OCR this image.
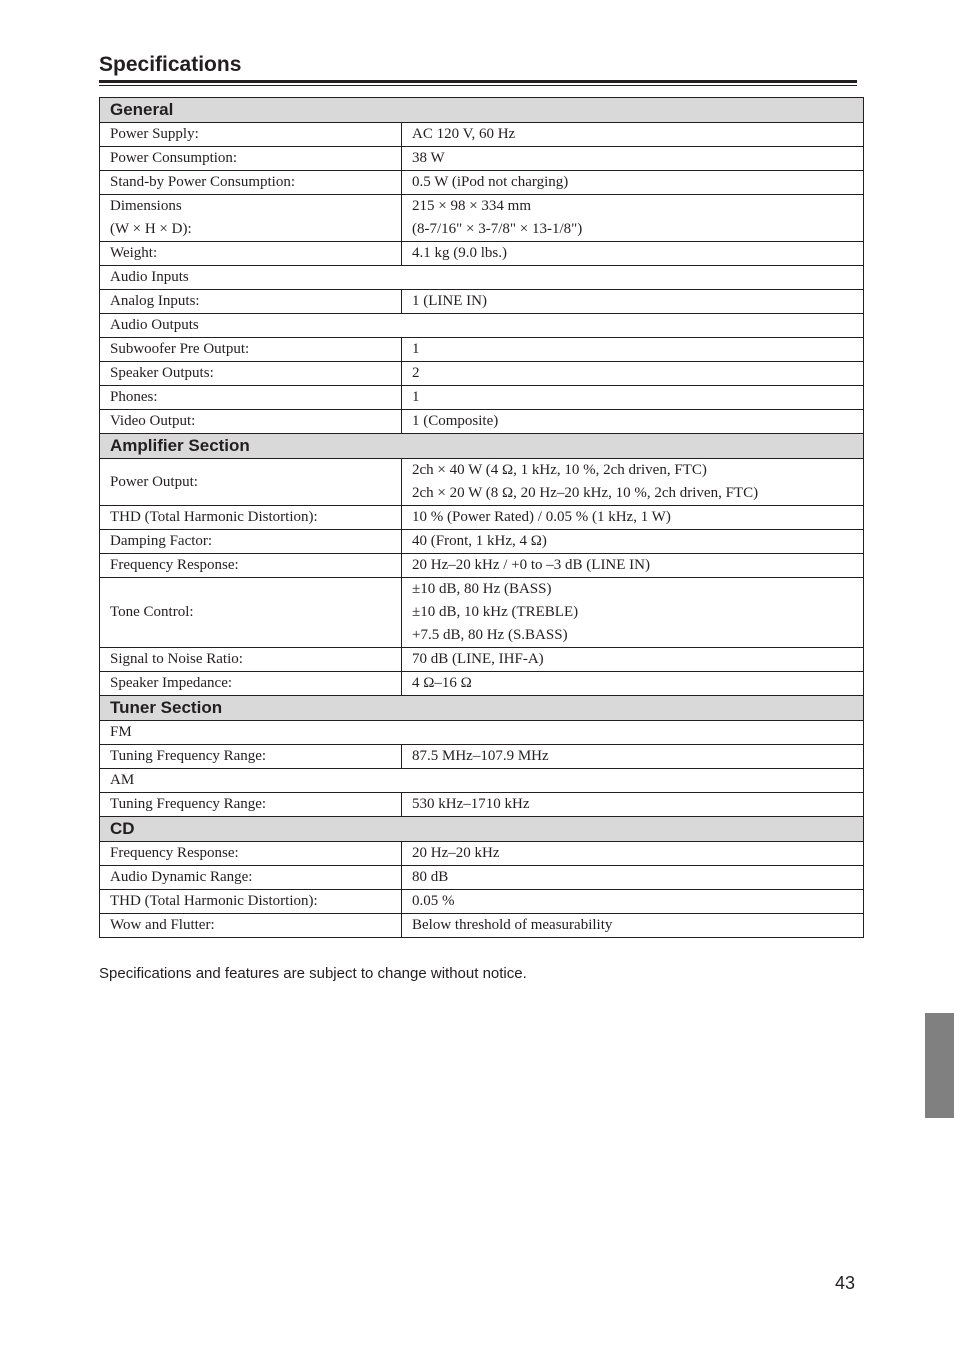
Specifications
General	

Power Supply:	AC 120 V, 60 Hz

Power Consumption:	38 W

Stand-by Power Consumption:	0.5 W (iPod not charging)

Dimensions
(W × H × D):	215 × 98 × 334 mm
(8-7/16" × 3-7/8" × 13-1/8")

Weight:	4.1 kg (9.0 lbs.)

Audio Inputs	

Analog Inputs:	1 (LINE IN)

Audio Outputs	

Subwoofer Pre Output:	1

Speaker Outputs:	2

Phones:	1

Video Output:	1 (Composite)

Amplifier Section	

Power Output:	2ch × 40 W (4 Ω, 1 kHz, 10 %, 2ch driven, FTC)
2ch × 20 W (8 Ω, 20 Hz–20 kHz, 10 %, 2ch driven, FTC)

THD (Total Harmonic Distortion):	10 % (Power Rated) / 0.05 % (1 kHz, 1 W)

Damping Factor:	40 (Front, 1 kHz, 4 Ω)

Frequency Response:	20 Hz–20 kHz / +0 to –3 dB (LINE IN)

Tone Control:	±10 dB, 80 Hz (BASS)
±10 dB, 10 kHz (TREBLE)
+7.5 dB, 80 Hz (S.BASS)

Signal to Noise Ratio:	70 dB (LINE, IHF-A)

Speaker Impedance:	4 Ω–16 Ω

Tuner Section	

FM	

Tuning Frequency Range:	87.5 MHz–107.9 MHz

AM	

Tuning Frequency Range:	530 kHz–1710 kHz

CD	

Frequency Response:	20 Hz–20 kHz

Audio Dynamic Range:	80 dB

THD (Total Harmonic Distortion):	0.05 %

Wow and Flutter:	Below threshold of measurability

Specifications and features are subject to change without notice.

43
